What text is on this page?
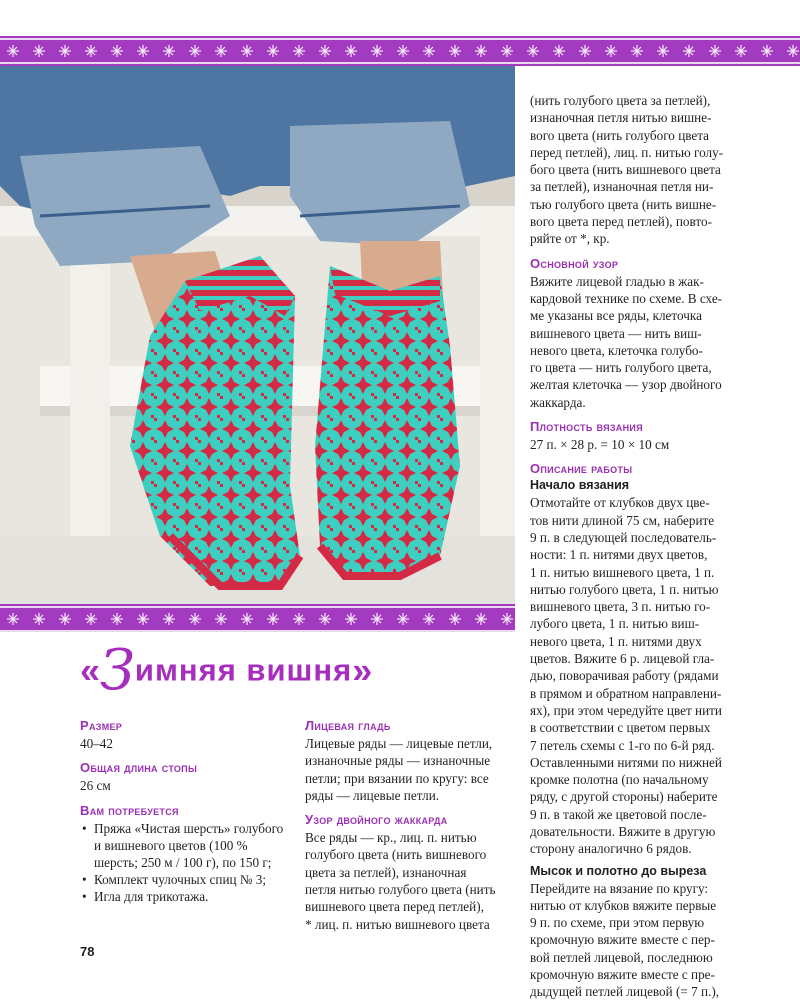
«Зимняя вишня»

(нить голубого цвета за петлей),

изнаночная петля нитью вишне-

вого цвета (нить голубого цвета

перед петлей), лиц. п. нитью голу-

бого цвета (нить вишневого цвета

за петлей), изнаночная петля ни-

тью голубого цвета (нить вишне-

вого цвета перед петлей), повто-

ряйте от *, кр.

Основной узор

Вяжите лицевой гладью в жак-

кардовой технике по схеме. В схе-

ме указаны все ряды, клеточка

вишневого цвета — нить виш-

невого цвета, клеточка голубо-

го цвета — нить голубого цвета,

желтая клеточка — узор двойного

жаккарда.

Плотность вязания

27 п. × 28 р. = 10 × 10 см

Описание работы

Начало вязания

Отмотайте от клубков двух цве-

тов нити длиной 75 см, наберите

9 п. в следующей последователь-

ности: 1 п. нитями двух цветов,

1 п. нитью вишневого цвета, 1 п.

нитью голубого цвета, 1 п. нитью

вишневого цвета, 3 п. нитью го-

лубого цвета, 1 п. нитью виш-

невого цвета, 1 п. нитями двух

цветов. Вяжите 6 р. лицевой гла-

дью, поворачивая работу (рядами

в прямом и обратном направлени-

ях), при этом чередуйте цвет нити

в соответствии с цветом первых

7 петель схемы с 1-го по 6-й ряд.

Оставленными нитями по нижней

кромке полотна (по начальному

ряду, с другой стороны) наберите

9 п. в такой же цветовой после-

довательности. Вяжите в другую

сторону аналогично 6 рядов.

Мысок и полотно до выреза

Перейдите на вязание по кругу:

нитью от клубков вяжите первые

9 п. по схеме, при этом первую

кромочную вяжите вместе с пер-

вой петлей лицевой, последнюю

кромочную вяжите вместе с пре-

дыдущей петлей лицевой (= 7 п.),

Размер

40–42

Общая длина стопы

26 см

Вам потребуется

• Пряжа «Чистая шерсть» голубого и вишневого цветов (100 % шерсть; 250 м / 100 г), по 150 г;
• Комплект чулочных спиц № 3;
• Игла для трикотажа.

Лицевая гладь

Лицевые ряды — лицевые петли,

изнаночные ряды — изнаночные

петли; при вязании по кругу: все

ряды — лицевые петли.

Узор двойного жаккарда

Все ряды — кр., лиц. п. нитью

голубого цвета (нить вишневого

цвета за петлей), изнаночная

петля нитью голубого цвета (нить

вишневого цвета перед петлей),

* лиц. п. нитью вишневого цвета

78
